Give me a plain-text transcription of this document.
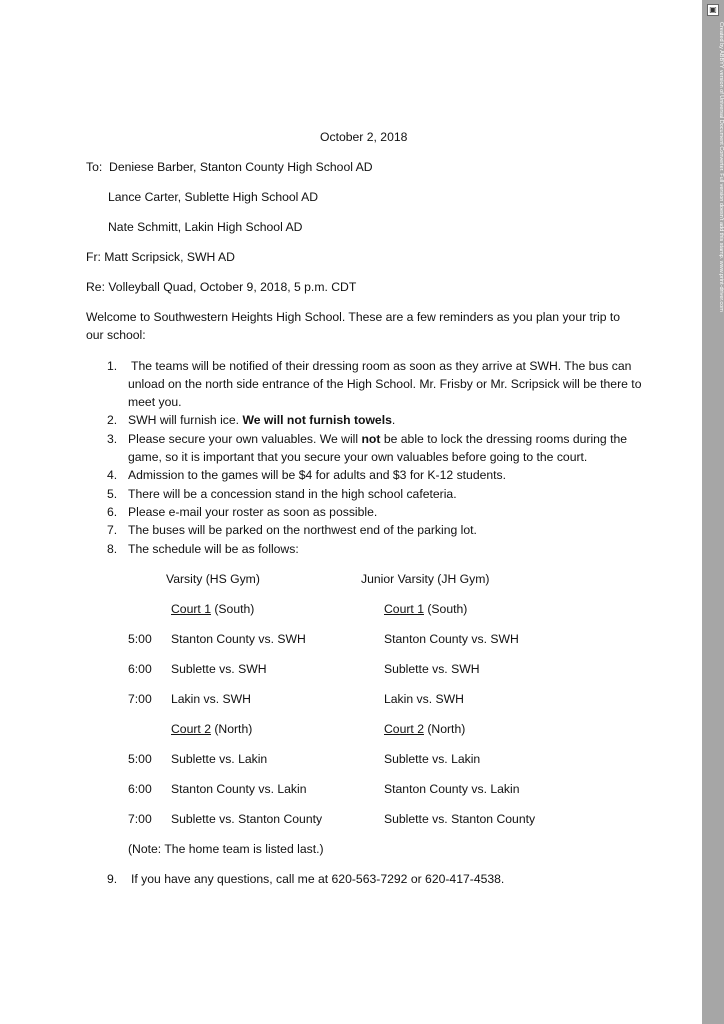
October 2, 2018
To: Deniese Barber, Stanton County High School AD
Lance Carter, Sublette High School AD
Nate Schmitt, Lakin High School AD
Fr: Matt Scripsick, SWH AD
Re: Volleyball Quad, October 9, 2018, 5 p.m. CDT
Welcome to Southwestern Heights High School. These are a few reminders as you plan your trip to our school:
1.	The teams will be notified of their dressing room as soon as they arrive at SWH. The bus can unload on the north side entrance of the High School. Mr. Frisby or Mr. Scripsick will be there to meet you.
2. SWH will furnish ice. We will not furnish towels.
3. Please secure your own valuables. We will not be able to lock the dressing rooms during the game, so it is important that you secure your own valuables before going to the court.
4. Admission to the games will be $4 for adults and $3 for K-12 students.
5. There will be a concession stand in the high school cafeteria.
6. Please e-mail your roster as soon as possible.
7. The buses will be parked on the northwest end of the parking lot.
8. The schedule will be as follows:
Varsity (HS Gym)	Junior Varsity (JH Gym)
Court 1 (South)	Court 1 (South)
5:00 Stanton County vs. SWH	Stanton County vs. SWH
6:00 Sublette vs. SWH	Sublette vs. SWH
7:00 Lakin vs. SWH	Lakin vs. SWH
Court 2 (North)	Court 2 (North)
5:00 Sublette vs. Lakin	Sublette vs. Lakin
6:00 Stanton County vs. Lakin	Stanton County vs. Lakin
7:00 Sublette vs. Stanton County	Sublette vs. Stanton County
(Note: The home team is listed last.)
9.	If you have any questions, call me at 620-563-7292 or 620-417-4538.
▣
Created by ABBYY version of Universal Document Converter. Full version doesn't add this stamp. www.print-driver.com
